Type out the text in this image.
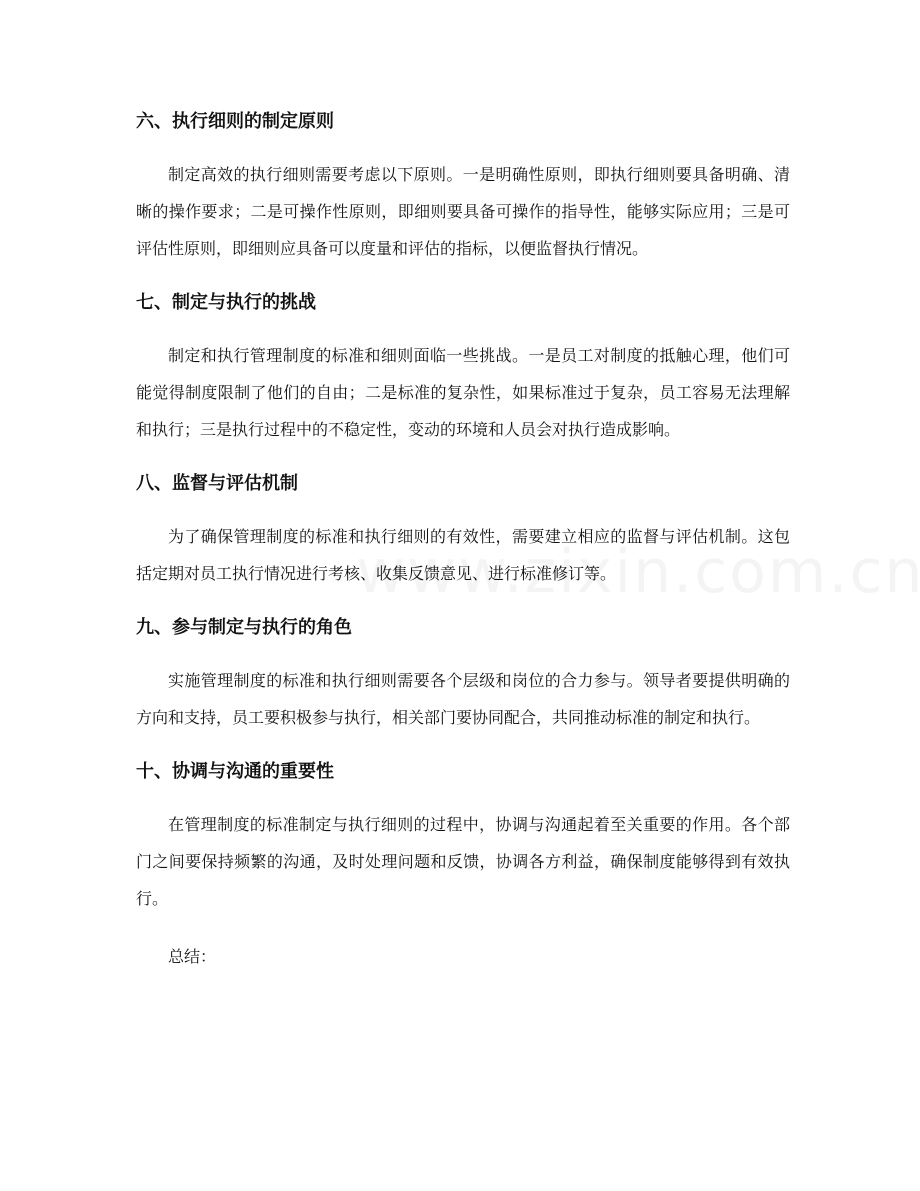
六、执行细则的制定原则

制定高效的执行细则需要考虑以下原则。一是明确性原则，即执行细则要具备明确、清晰的操作要求；二是可操作性原则，即细则要具备可操作的指导性，能够实际应用；三是可评估性原则，即细则应具备可以度量和评估的指标，以便监督执行情况。

七、制定与执行的挑战

制定和执行管理制度的标准和细则面临一些挑战。一是员工对制度的抵触心理，他们可能觉得制度限制了他们的自由；二是标准的复杂性，如果标准过于复杂，员工容易无法理解和执行；三是执行过程中的不稳定性，变动的环境和人员会对执行造成影响。

八、监督与评估机制

为了确保管理制度的标准和执行细则的有效性，需要建立相应的监督与评估机制。这包括定期对员工执行情况进行考核、收集反馈意见、进行标准修订等。

九、参与制定与执行的角色

实施管理制度的标准和执行细则需要各个层级和岗位的合力参与。领导者要提供明确的方向和支持，员工要积极参与执行，相关部门要协同配合，共同推动标准的制定和执行。

十、协调与沟通的重要性

在管理制度的标准制定与执行细则的过程中，协调与沟通起着至关重要的作用。各个部门之间要保持频繁的沟通，及时处理问题和反馈，协调各方利益，确保制度能够得到有效执行。

总结：
